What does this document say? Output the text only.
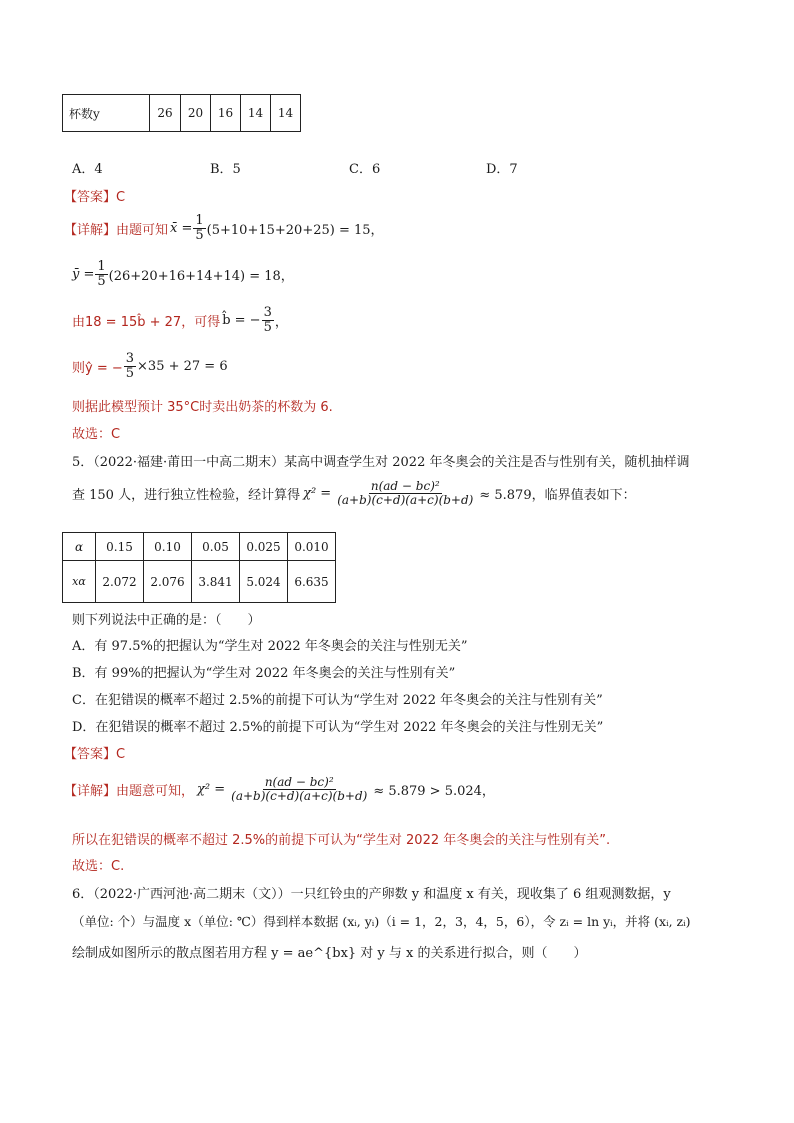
杯数y	26	20	16	14	14
A．4	B．5	C．6	D．7
【答案】C
【详解】 由题可知 x̄ = $\frac{1}{5} (5+10+15+20+25) = 15$，
ȳ = $\frac{1}{5} (26+20+16+14+14) = 18$，
由18 = 15b̂ + 27，可得 b̂ = − $\frac{3}{5}$ ，
则ŷ = − $\frac{3}{5} \times 35 + 27 = 6$
则据此模型预计 35°C时卖出奶茶的杯数为 6.
故选：C
5．（2022·福建·莆田一中高二期末）某高中调查学生对 2022 年冬奥会的关注是否与性别有关，随机抽样调
查 150 人，进行独立性检验，经计算得 $\chi^2 = \frac{\text{n(ad − bc)²}}{(a+b)(c+d)(a+c)(b+d)} \approx 5.879$，临界值表如下：
α	0.15	0.10	0.05	0.025	0.010
xα	2.072	2.076	3.841	5.024	6.635
则下列说法中正确的是：（　　）
A．有 97.5%的把握认为“学生对 2022 年冬奥会的关注与性别无关”
B．有 99%的把握认为“学生对 2022 年冬奥会的关注与性别有关”
C．在犯错误的概率不超过 2.5%的前提下可认为“学生对 2022 年冬奥会的关注与性别有关”
D．在犯错误的概率不超过 2.5%的前提下可认为“学生对 2022 年冬奥会的关注与性别无关”
【答案】C
【详解】 由题意可知， $\chi^2 = \frac{\text{n(ad − bc)²}}{(a+b)(c+d)(a+c)(b+d)} \approx 5.879 > 5.024$，
所以在犯错误的概率不超过 2.5%的前提下可认为“学生对 2022 年冬奥会的关注与性别有关”.
故选：C.
6．（2022·广西河池·高二期末（文））一只红铃虫的产卵数 y 和温度 x 有关，现收集了 6 组观测数据，y
（单位: 个）与温度 x（单位: ℃）得到样本数据 (xᵢ, yᵢ)（i = 1，2，3，4，5，6），令 zᵢ = ln yᵢ，并将 (xᵢ, zᵢ)
绘制成如图所示的散点图若用方程 y = ae^{bx} 对 y 与 x 的关系进行拟合，则（　　）
